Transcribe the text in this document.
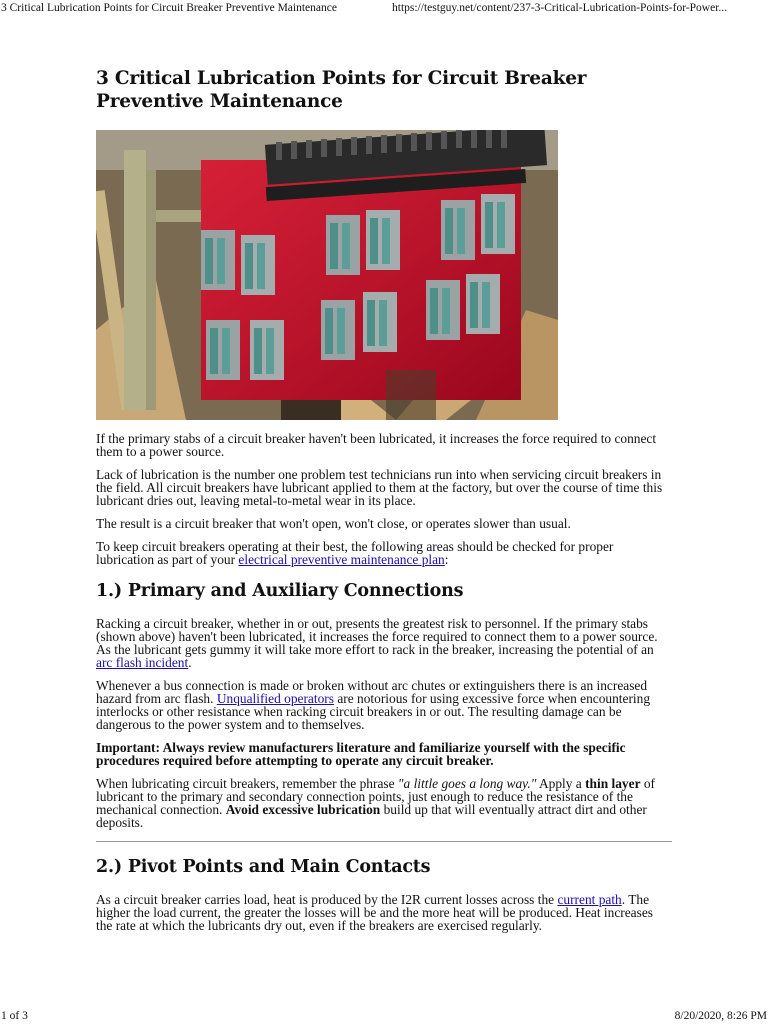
3 Critical Lubrication Points for Circuit Breaker Preventive Maintenance	https://testguy.net/content/237-3-Critical-Lubrication-Points-for-Power...
3 Critical Lubrication Points for Circuit Breaker Preventive Maintenance

If the primary stabs of a circuit breaker haven't been lubricated, it increases the force required to connect them to a power source.

Lack of lubrication is the number one problem test technicians run into when servicing circuit breakers in the field. All circuit breakers have lubricant applied to them at the factory, but over the course of time this lubricant dries out, leaving metal-to-metal wear in its place.

The result is a circuit breaker that won't open, won't close, or operates slower than usual.

To keep circuit breakers operating at their best, the following areas should be checked for proper lubrication as part of your electrical preventive maintenance plan:

1.) Primary and Auxiliary Connections

Racking a circuit breaker, whether in or out, presents the greatest risk to personnel. If the primary stabs (shown above) haven't been lubricated, it increases the force required to connect them to a power source. As the lubricant gets gummy it will take more effort to rack in the breaker, increasing the potential of an arc flash incident.

Whenever a bus connection is made or broken without arc chutes or extinguishers there is an increased hazard from arc flash. Unqualified operators are notorious for using excessive force when encountering interlocks or other resistance when racking circuit breakers in or out. The resulting damage can be dangerous to the power system and to themselves.

Important: Always review manufacturers literature and familiarize yourself with the specific procedures required before attempting to operate any circuit breaker.

When lubricating circuit breakers, remember the phrase "a little goes a long way." Apply a thin layer of lubricant to the primary and secondary connection points, just enough to reduce the resistance of the mechanical connection. Avoid excessive lubrication build up that will eventually attract dirt and other deposits.

2.) Pivot Points and Main Contacts

As a circuit breaker carries load, heat is produced by the I2R current losses across the current path. The higher the load current, the greater the losses will be and the more heat will be produced. Heat increases the rate at which the lubricants dry out, even if the breakers are exercised regularly.

1 of 3	8/20/2020, 8:26 PM
